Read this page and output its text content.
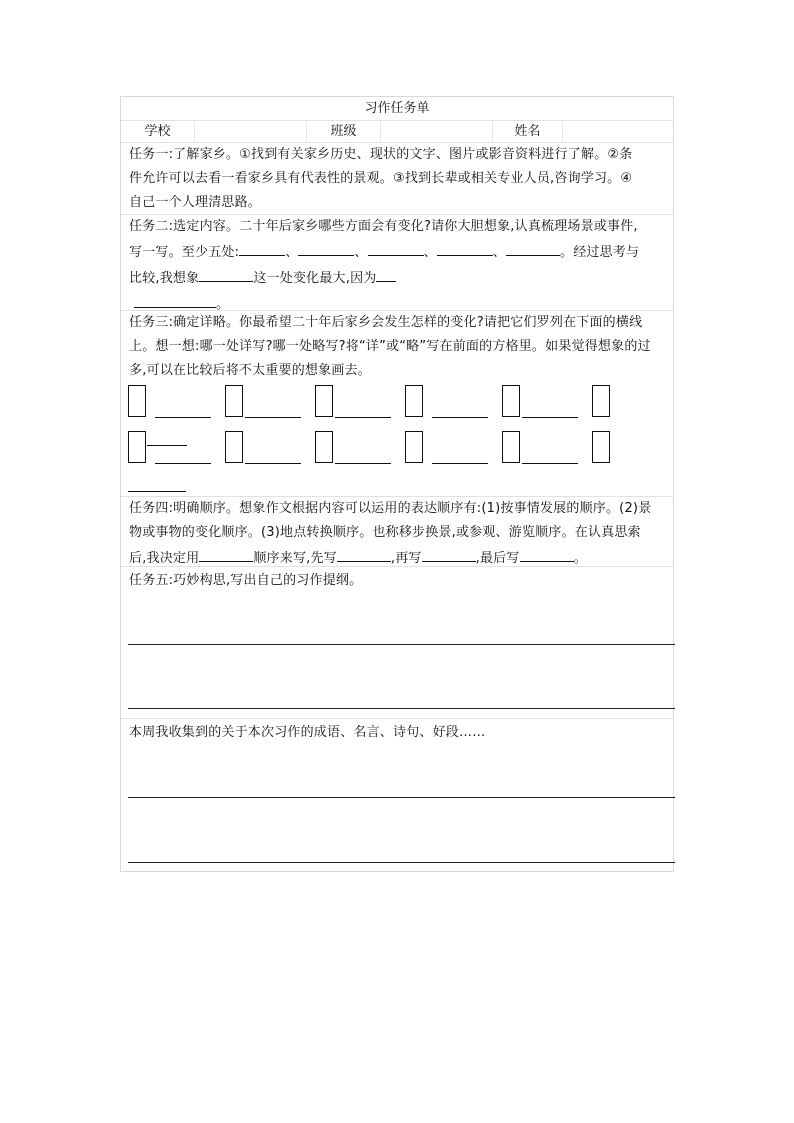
习作任务单
学校	班级	姓名

任务一:了解家乡。①找到有关家乡历史、现状的文字、图片或影音资料进行了解。②条

件允许可以去看一看家乡具有代表性的景观。③找到长辈或相关专业人员,咨询学习。④

自己一个人理清思路。

任务二:选定内容。二十年后家乡哪些方面会有变化?请你大胆想象,认真梳理场景或事件,

写一写。至少五处:	、	、	、	、	。经过思考与

比较,我想象	这一处变化最大,因为

。

任务三:确定详略。你最希望二十年后家乡会发生怎样的变化?请把它们罗列在下面的横线

上。想一想:哪一处详写?哪一处略写?将“详”或“略”写在前面的方格里。如果觉得想象的过

多,可以在比较后将不太重要的想象画去。

任务四:明确顺序。想象作文根据内容可以运用的表达顺序有:(1)按事情发展的顺序。(2)景

物或事物的变化顺序。(3)地点转换顺序。也称移步换景,或参观、游览顺序。在认真思索

后,我决定用	顺序来写,先写	,再写	,最后写	。

任务五:巧妙构思,写出自己的习作提纲。

本周我收集到的关于本次习作的成语、名言、诗句、好段……
